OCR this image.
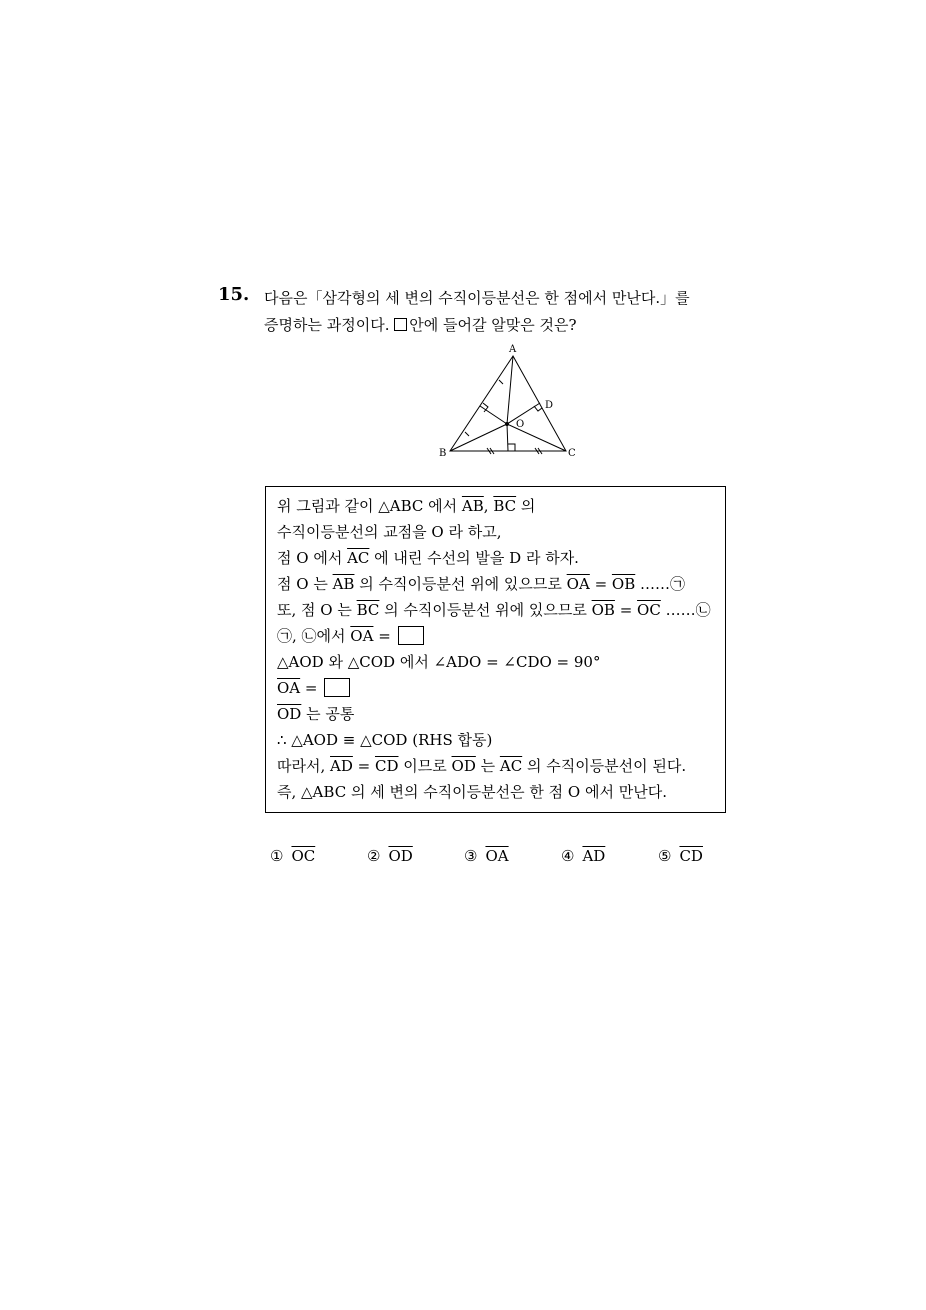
15. 다음은「삼각형의 세 변의 수직이등분선은 한 점에서 만난다.」를
증명하는 과정이다. 안에 들어갈 알맞은 것은?
A
B	C
D
O
위 그림과 같이 △ABC 에서 $\overline{AB}$, $\overline{BC}$ 의
수직이등분선의 교점을 O 라 하고,
점 O 에서 $\overline{AC}$ 에 내린 수선의 발을 D 라 하자.
점 O 는 $\overline{AB}$ 의 수직이등분선 위에 있으므로 $\overline{OA} = \overline{OB}$ ……㉠
또, 점 O 는 $\overline{BC}$ 의 수직이등분선 위에 있으므로 $\overline{OB} = \overline{OC}$ ……㉡
㉠, ㉡에서 $\overline{OA}$ =
△AOD 와 △COD 에서 ∠ADO = ∠CDO = 90°
$\overline{OA}$ =
$\overline{OD}$ 는 공통
∴ △AOD ≡ △COD (RHS 합동)
따라서, $\overline{AD} = \overline{CD}$ 이므로 $\overline{OD}$ 는 $\overline{AC}$ 의 수직이등분선이 된다.
즉, △ABC 의 세 변의 수직이등분선은 한 점 O 에서 만난다.
① $\overline{OC}$	② $\overline{OD}$	③ $\overline{OA}$	④ $\overline{AD}$	⑤ $\overline{CD}$
